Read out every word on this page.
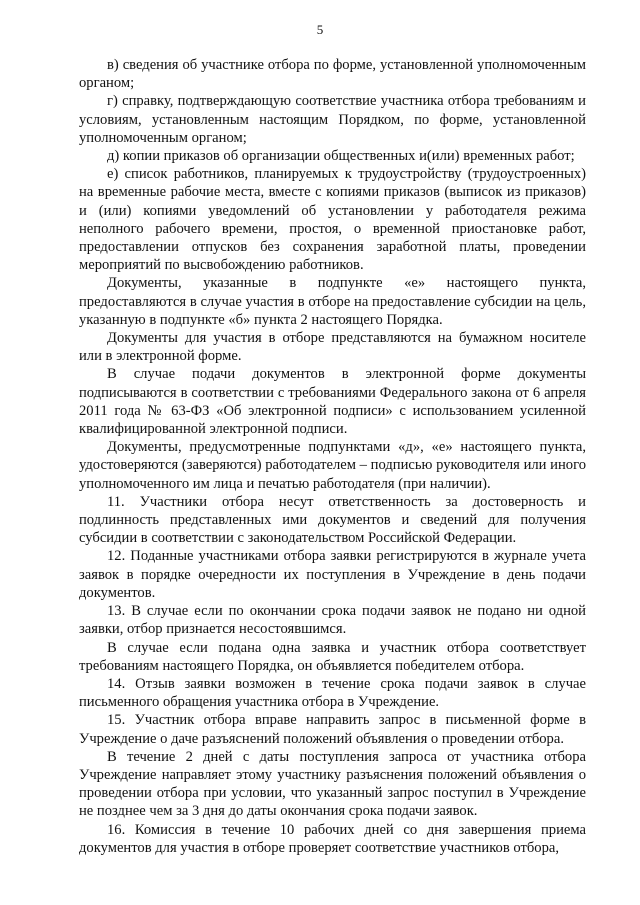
5

в) сведения об участнике отбора по форме, установленной уполномоченным органом;

г) справку, подтверждающую соответствие участника отбора требованиям и условиям, установленным настоящим Порядком, по форме, установленной уполномоченным органом;

д) копии приказов об организации общественных и(или) временных работ;

е) список работников, планируемых к трудоустройству (трудоустроенных) на временные рабочие места, вместе с копиями приказов (выписок из приказов) и (или) копиями уведомлений об установлении у работодателя режима неполного рабочего времени, простоя, о временной приостановке работ, предоставлении отпусков без сохранения заработной платы, проведении мероприятий по высвобождению работников.

Документы, указанные в подпункте «е» настоящего пункта, предоставляются в случае участия в отборе на предоставление субсидии на цель, указанную в подпункте «б» пункта 2 настоящего Порядка.

Документы для участия в отборе представляются на бумажном носителе или в электронной форме.

В случае подачи документов в электронной форме документы подписываются в соответствии с требованиями Федерального закона от 6 апреля 2011 года № 63-ФЗ «Об электронной подписи» с использованием усиленной квалифицированной электронной подписи.

Документы, предусмотренные подпунктами «д», «е» настоящего пункта, удостоверяются (заверяются) работодателем – подписью руководителя или иного уполномоченного им лица и печатью работодателя (при наличии).

11. Участники отбора несут ответственность за достоверность и подлинность представленных ими документов и сведений для получения субсидии в соответствии с законодательством Российской Федерации.

12. Поданные участниками отбора заявки регистрируются в журнале учета заявок в порядке очередности их поступления в Учреждение в день подачи документов.

13. В случае если по окончании срока подачи заявок не подано ни одной заявки, отбор признается несостоявшимся.

В случае если подана одна заявка и участник отбора соответствует требованиям настоящего Порядка, он объявляется победителем отбора.

14. Отзыв заявки возможен в течение срока подачи заявок в случае письменного обращения участника отбора в Учреждение.

15. Участник отбора вправе направить запрос в письменной форме в Учреждение о даче разъяснений положений объявления о проведении отбора.

В течение 2 дней с даты поступления запроса от участника отбора Учреждение направляет этому участнику разъяснения положений объявления о проведении отбора при условии, что указанный запрос поступил в Учреждение не позднее чем за 3 дня до даты окончания срока подачи заявок.

16. Комиссия в течение 10 рабочих дней со дня завершения приема документов для участия в отборе проверяет соответствие участников отбора,
